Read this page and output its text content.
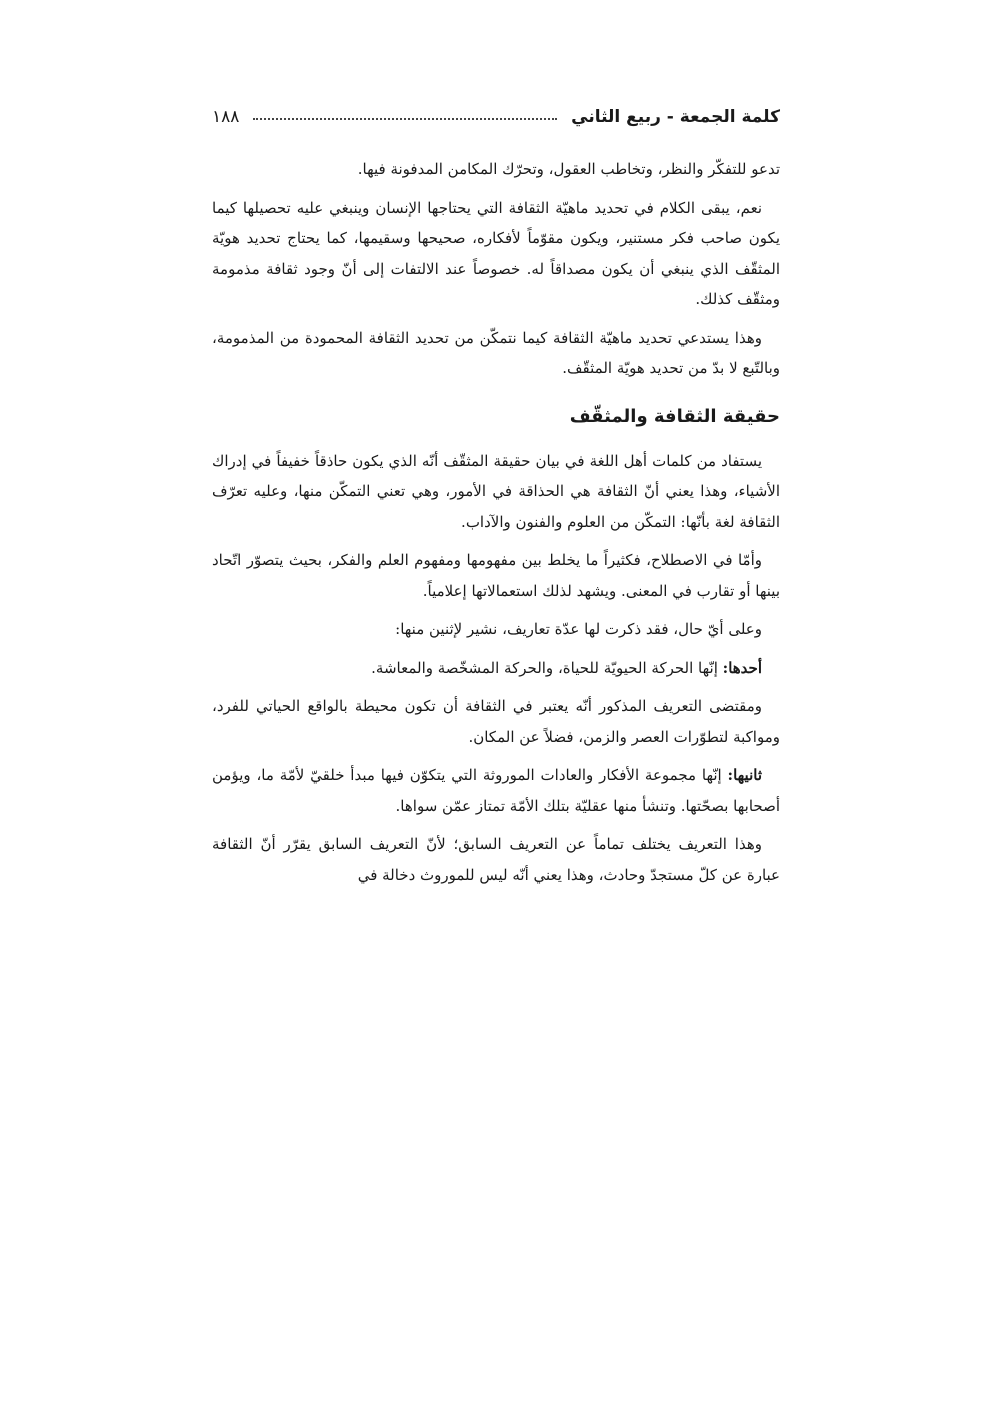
كلمة الجمعة - ربيع الثاني
١٨٨

تدعو للتفكّر والنظر، وتخاطب العقول، وتحرّك المكامن المدفونة فيها.

نعم، يبقى الكلام في تحديد ماهيّة الثقافة التي يحتاجها الإنسان وينبغي عليه تحصيلها كيما يكون صاحب فكر مستنير، ويكون مقوّماً لأفكاره، صحيحها وسقيمها، كما يحتاج تحديد هويّة المثقّف الذي ينبغي أن يكون مصداقاً له. خصوصاً عند الالتفات إلى أنّ وجود ثقافة مذمومة ومثقّف كذلك.

وهذا يستدعي تحديد ماهيّة الثقافة كيما نتمكّن من تحديد الثقافة المحمودة من المذمومة، وبالتّبع لا بدّ من تحديد هويّة المثقّف.

حقيقة الثقافة والمثقّف

يستفاد من كلمات أهل اللغة في بيان حقيقة المثقّف أنّه الذي يكون حاذقاً خفيفاً في إدراك الأشياء، وهذا يعني أنّ الثقافة هي الحذاقة في الأمور، وهي تعني التمكّن منها، وعليه تعرّف الثقافة لغة بأنّها: التمكّن من العلوم والفنون والآداب.

وأمّا في الاصطلاح، فكثيراً ما يخلط بين مفهومها ومفهوم العلم والفكر، بحيث يتصوّر اتّحاد بينها أو تقارب في المعنى. ويشهد لذلك استعمالاتها إعلامياً.

وعلى أيّ حال، فقد ذكرت لها عدّة تعاريف، نشير لإثنين منها:

أحدها: إنّها الحركة الحيويّة للحياة، والحركة المشخّصة والمعاشة.

ومقتضى التعريف المذكور أنّه يعتبر في الثقافة أن تكون محيطة بالواقع الحياتي للفرد، ومواكبة لتطوّرات العصر والزمن، فضلاً عن المكان.

ثانيها: إنّها مجموعة الأفكار والعادات الموروثة التي يتكوّن فيها مبدأ خلقيّ لأمّة ما، ويؤمن أصحابها بصحّتها. وتنشأ منها عقليّة بتلك الأمّة تمتاز عمّن سواها.

وهذا التعريف يختلف تماماً عن التعريف السابق؛ لأنّ التعريف السابق يقرّر أنّ الثقافة عبارة عن كلّ مستجدّ وحادث، وهذا يعني أنّه ليس للموروث دخالة في
